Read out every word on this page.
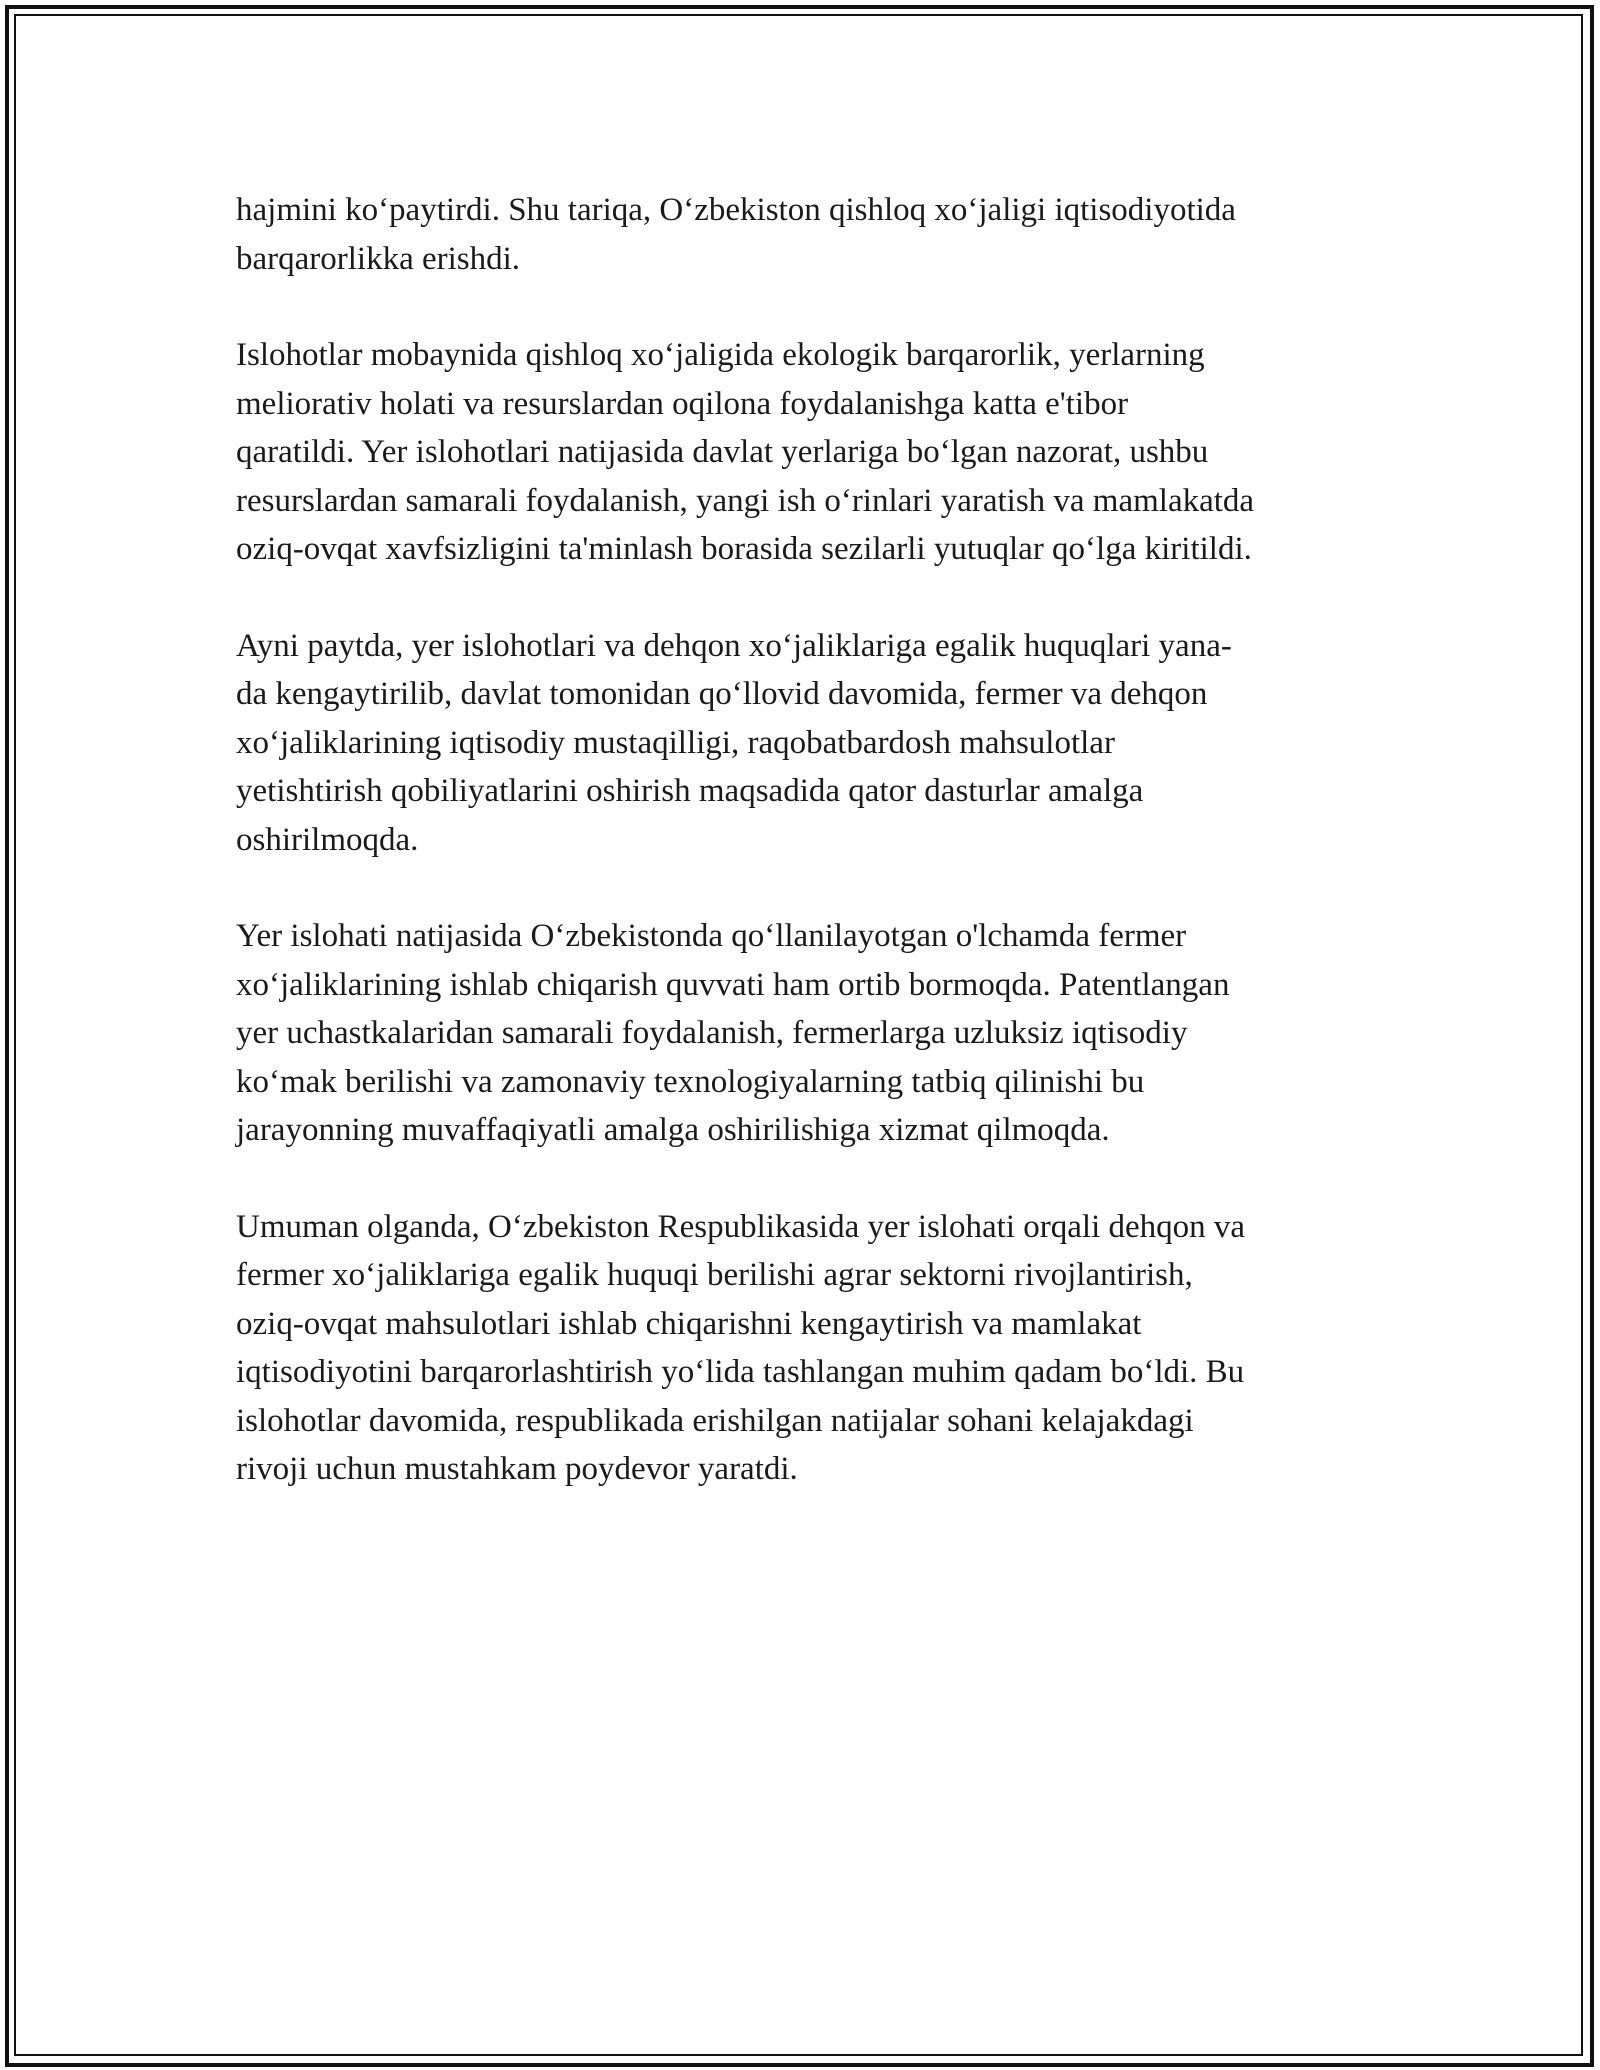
hajmini ko‘paytirdi. Shu tariqa, O‘zbekiston qishloq xo‘jaligi iqtisodiyotida
barqarorlikka erishdi.

Islohotlar mobaynida qishloq xo‘jaligida ekologik barqarorlik, yerlarning
meliorativ holati va resurslardan oqilona foydalanishga katta e'tibor
qaratildi. Yer islohotlari natijasida davlat yerlariga bo‘lgan nazorat, ushbu
resurslardan samarali foydalanish, yangi ish o‘rinlari yaratish va mamlakatda
oziq-ovqat xavfsizligini ta'minlash borasida sezilarli yutuqlar qo‘lga kiritildi.

Ayni paytda, yer islohotlari va dehqon xo‘jaliklariga egalik huquqlari yana-
da kengaytirilib, davlat tomonidan qo‘llovid davomida, fermer va dehqon
xo‘jaliklarining iqtisodiy mustaqilligi, raqobatbardosh mahsulotlar
yetishtirish qobiliyatlarini oshirish maqsadida qator dasturlar amalga
oshirilmoqda.

Yer islohati natijasida O‘zbekistonda qo‘llanilayotgan o'lchamda fermer
xo‘jaliklarining ishlab chiqarish quvvati ham ortib bormoqda. Patentlangan
yer uchastkalaridan samarali foydalanish, fermerlarga uzluksiz iqtisodiy
ko‘mak berilishi va zamonaviy texnologiyalarning tatbiq qilinishi bu
jarayonning muvaffaqiyatli amalga oshirilishiga xizmat qilmoqda.

Umuman olganda, O‘zbekiston Respublikasida yer islohati orqali dehqon va
fermer xo‘jaliklariga egalik huquqi berilishi agrar sektorni rivojlantirish,
oziq-ovqat mahsulotlari ishlab chiqarishni kengaytirish va mamlakat
iqtisodiyotini barqarorlashtirish yo‘lida tashlangan muhim qadam bo‘ldi. Bu
islohotlar davomida, respublikada erishilgan natijalar sohani kelajakdagi
rivoji uchun mustahkam poydevor yaratdi.
